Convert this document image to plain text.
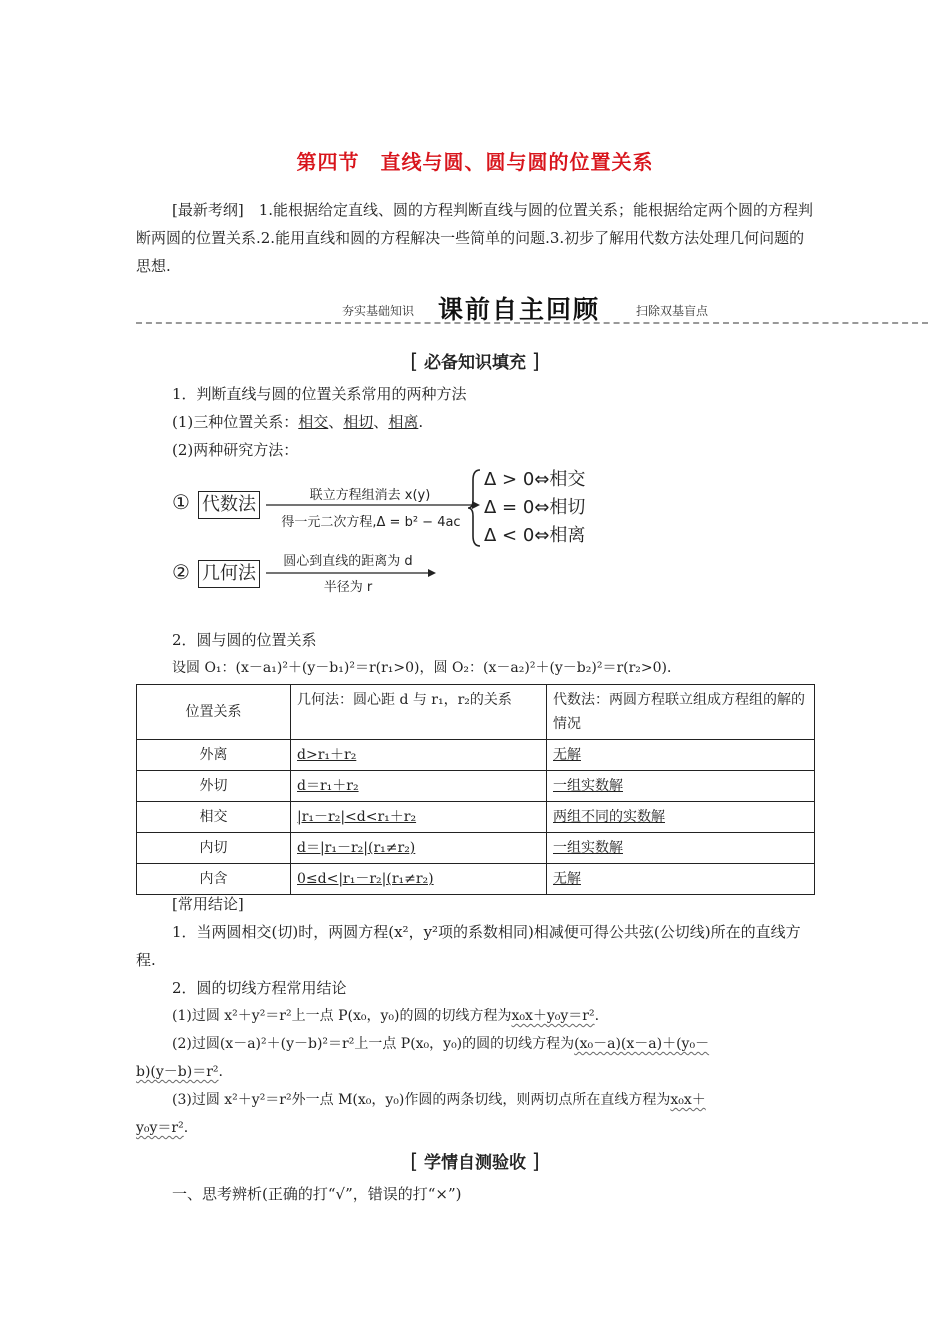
第四节　直线与圆、圆与圆的位置关系
[最新考纲]　 1.能根据给定直线、圆的方程判断直线与圆的位置关系；能根据给定两个圆的方程判断两圆的位置关系.2.能用直线和圆的方程解决一些简单的问题.3.初步了解用代数方法处理几何问题的思想.
夯实基础知识 课前自主回顾	扫除双基盲点
[ 必备知识填充 ]
1．判断直线与圆的位置关系常用的两种方法
(1)三种位置关系：相交、相切、相离.
(2)两种研究方法：
① 代数法	联立方程组消去 x(y)
得一元二次方程,Δ = b² − 4ac
Δ > 0⇔相交
Δ = 0⇔相切
Δ < 0⇔相离
② 几何法
圆心到直线的距离为 d
半径为 r
2．圆与圆的位置关系
设圆 O₁：(x－a₁)²＋(y－b₁)²＝r(r₁>0)，圆 O₂：(x－a₂)²＋(y－b₂)²＝r(r₂>0)．
位置关系	几何法：圆心距 d 与 r₁，r₂的关系	代数法：两圆方程联立组成方程组的解的情况
外离	d>r₁＋r₂	无解
外切	d＝r₁＋r₂	一组实数解
相交	|r₁－r₂|<d<r₁＋r₂	两组不同的实数解
内切	d＝|r₁－r₂|(r₁≠r₂)	一组实数解
内含	0≤d<|r₁－r₂|(r₁≠r₂)	无解
[常用结论]
1．当两圆相交(切)时，两圆方程(x²，y²项的系数相同)相减便可得公共弦(公切线)所在的直线方程.
2．圆的切线方程常用结论
(1)过圆 x²＋y²＝r²上一点 P(x₀，y₀)的圆的切线方程为x₀x＋y₀y＝r².
(2)过圆(x－a)²＋(y－b)²＝r²上一点 P(x₀，y₀)的圆的切线方程为(x₀－a)(x－a)＋(y₀－
b)(y－b)＝r².
(3)过圆 x²＋y²＝r²外一点 M(x₀，y₀)作圆的两条切线，则两切点所在直线方程为x₀x＋
y₀y＝r².
[ 学情自测验收 ]
一、思考辨析(正确的打“√”，错误的打“×”)
